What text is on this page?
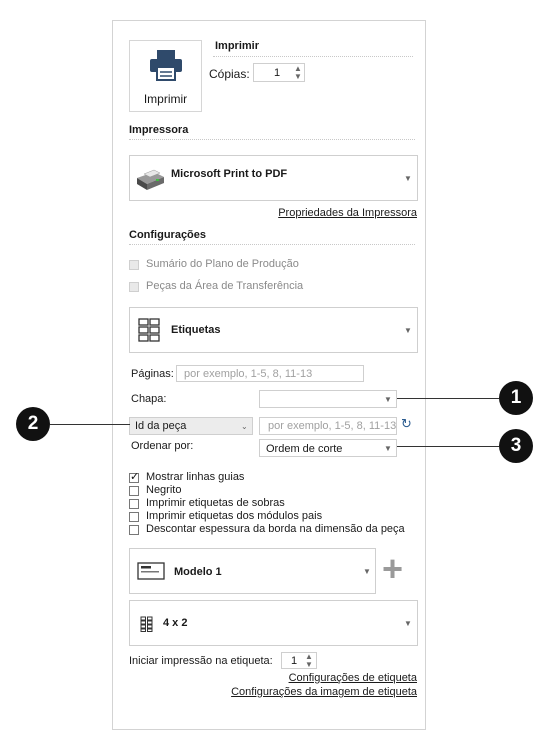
Imprimir
Imprimir
Cópias: 1 ▲
▼
Impressora
Microsoft Print to PDF	▼
Propriedades da Impressora
Configurações
Sumário do Plano de Produção
Peças da Área de Transferência
Etiquetas	▼
Páginas: por exemplo, 1-5, 8, 11-13
Chapa:	▼
Id da peça	⌄ por exemplo, 1-5, 8, 11-13 ↻
Ordenar por:	Ordem de corte	▼
✓
Mostrar linhas guias
Negrito
Imprimir etiquetas de sobras
Imprimir etiquetas dos módulos pais
Descontar espessura da borda na dimensão da peça
Modelo 1	▼ +
4 x 2	▼
Iniciar impressão na etiqueta: 1 ▲
▼
Configurações de etiqueta
Configurações da imagem de etiqueta
1
2
3
